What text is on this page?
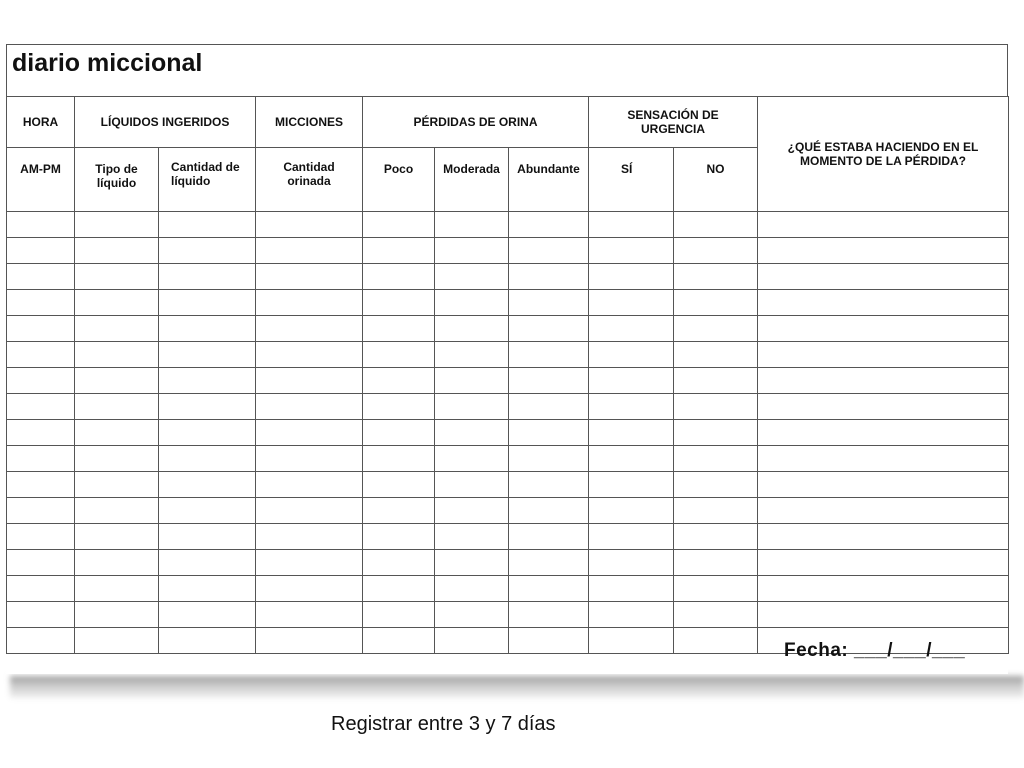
diario miccional
HORA	LÍQUIDOS INGERIDOS		MICCIONES	PÉRDIDAS DE ORINA			SENSACIÓN DE URGENCIA		¿QUÉ ESTABA HACIENDO EN EL MOMENTO DE LA PÉRDIDA?
AM-PM	Tipo de líquido	Cantidad de líquido	Cantidad orinada	Poco	Moderada	Abundante	SÍ	NO	

Fecha: ___/___/___
Registrar entre 3 y 7 días
